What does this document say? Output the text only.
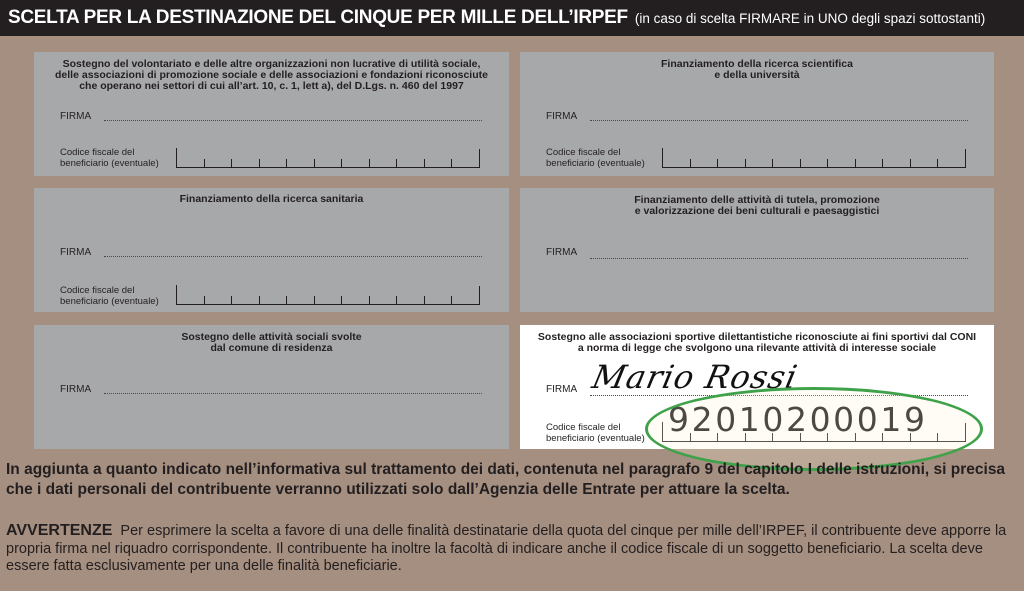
SCELTA PER LA DESTINAZIONE DEL CINQUE PER MILLE DELL’IRPEF (in caso di scelta FIRMARE in UNO degli spazi sottostanti)
Sostegno del volontariato e delle altre organizzazioni non lucrative di utilità sociale,
delle associazioni di promozione sociale e delle associazioni e fondazioni riconosciute
che operano nei settori di cui all’art. 10, c. 1, lett a), del D.Lgs. n. 460 del 1997
FIRMA
Codice fiscale del
beneficiario (eventuale)
Finanziamento della ricerca scientifica
e della università
FIRMA
Codice fiscale del
beneficiario (eventuale)
Finanziamento della ricerca sanitaria
FIRMA
Codice fiscale del
beneficiario (eventuale)
Finanziamento delle attività di tutela, promozione
e valorizzazione dei beni culturali e paesaggistici
FIRMA
Sostegno delle attività sociali svolte
dal comune di residenza
FIRMA
Sostegno alle associazioni sportive dilettantistiche riconosciute ai fini sportivi dal CONI
a norma di legge che svolgono una rilevante attività di interesse sociale
FIRMA
Codice fiscale del
beneficiario (eventuale)
Mario Rossi
92010200019
In aggiunta a quanto indicato nell’informativa sul trattamento dei dati, contenuta nel paragrafo 9 del capitolo I delle istruzioni, si precisa che i dati personali del contribuente verranno utilizzati solo dall’Agenzia delle Entrate per attuare la scelta.
AVVERTENZE Per esprimere la scelta a favore di una delle finalità destinatarie della quota del cinque per mille dell’IRPEF, il contribuente deve apporre la propria firma nel riquadro corrispondente. Il contribuente ha inoltre la facoltà di indicare anche il codice fiscale di un soggetto beneficiario. La scelta deve essere fatta esclusivamente per una delle finalità beneficiarie.
